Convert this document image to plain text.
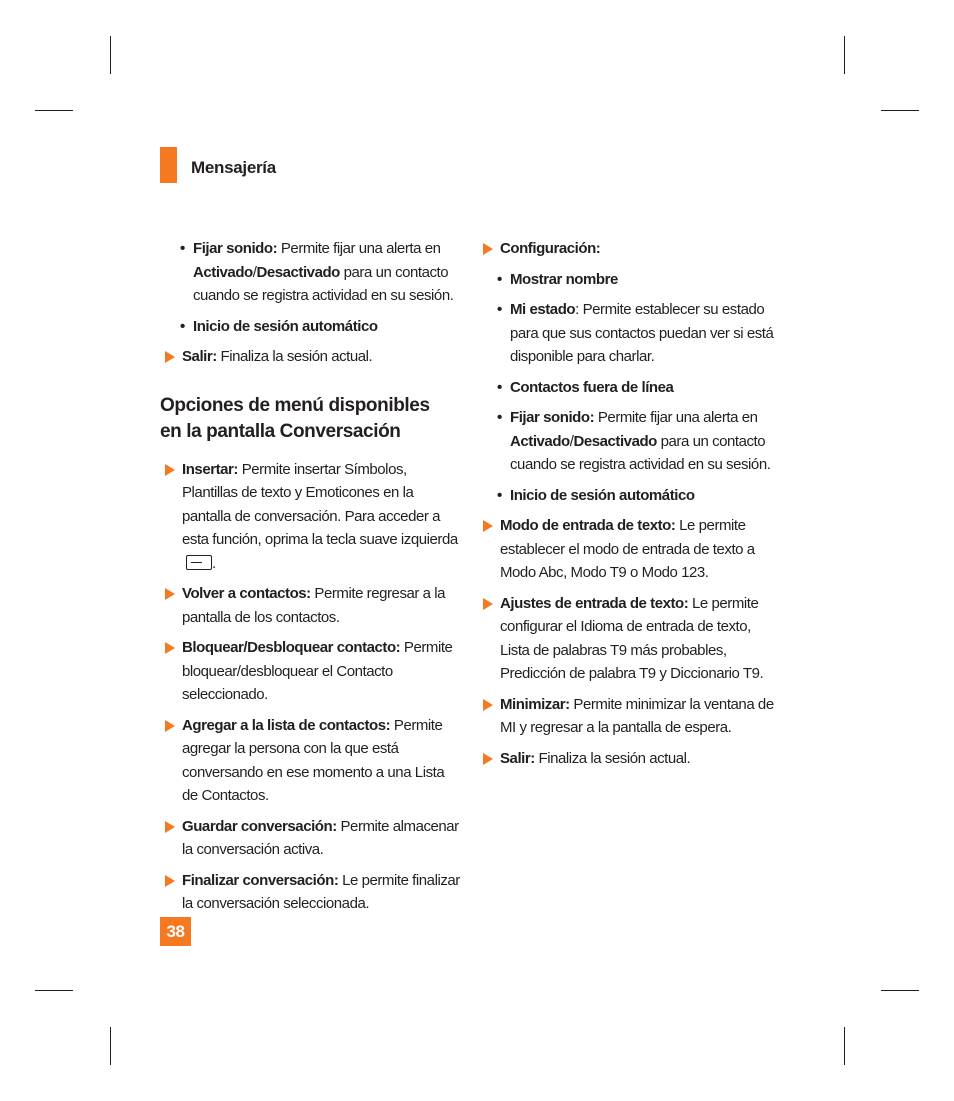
Mensajería
• Fijar sonido: Permite fijar una alerta en Activado/Desactivado para un contacto cuando se registra actividad en su sesión.
• Inicio de sesión automático
Salir: Finaliza la sesión actual.
Opciones de menú disponibles
en la pantalla Conversación
Insertar: Permite insertar Símbolos, Plantillas de texto y Emoticones en la pantalla de conversación. Para acceder a esta función, oprima la tecla suave izquierda.
Volver a contactos: Permite regresar a la pantalla de los contactos.
Bloquear/Desbloquear contacto: Permite bloquear/desbloquear el Contacto seleccionado.
Agregar a la lista de contactos: Permite agregar la persona con la que está conversando en ese momento a una Lista de Contactos.
Guardar conversación: Permite almacenar la conversación activa.
Finalizar conversación: Le permite finalizar la conversación seleccionada.
Configuración:
• Mostrar nombre
• Mi estado: Permite establecer su estado para que sus contactos puedan ver si está disponible para charlar.
• Contactos fuera de línea
• Fijar sonido: Permite fijar una alerta en Activado/Desactivado para un contacto cuando se registra actividad en su sesión.
• Inicio de sesión automático
Modo de entrada de texto: Le permite establecer el modo de entrada de texto a Modo Abc, Modo T9 o Modo 123.
Ajustes de entrada de texto: Le permite configurar el Idioma de entrada de texto, Lista de palabras T9 más probables, Predicción de palabra T9 y Diccionario T9.
Minimizar: Permite minimizar la ventana de MI y regresar a la pantalla de espera.
Salir: Finaliza la sesión actual.
38
